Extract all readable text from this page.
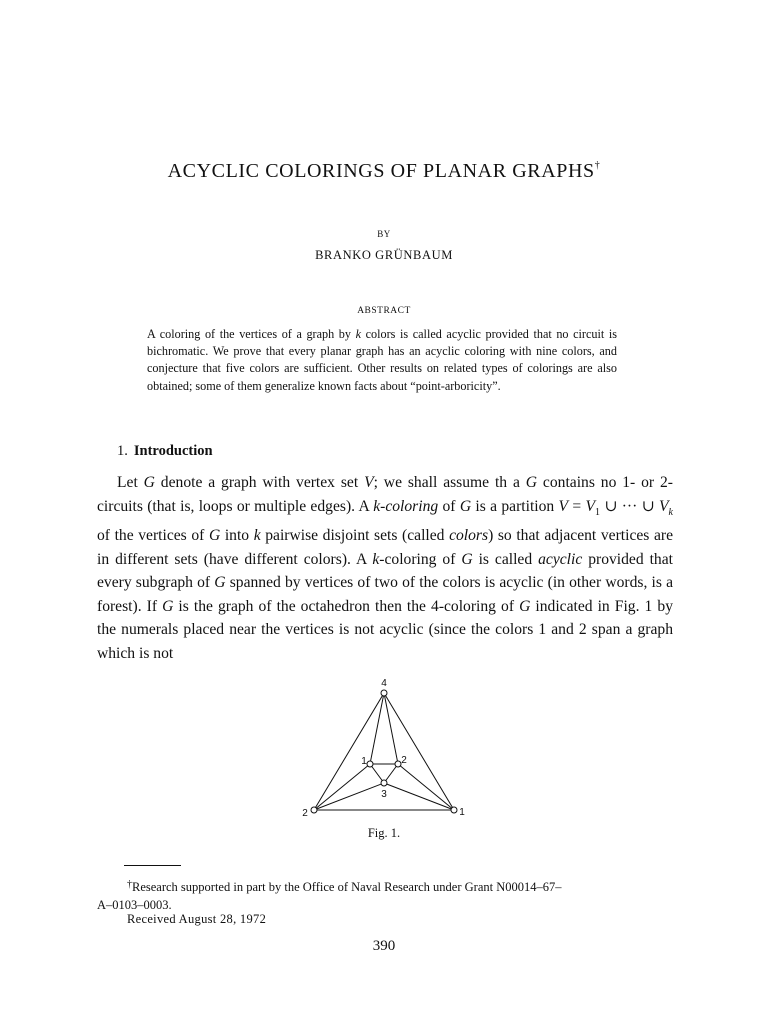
ACYCLIC COLORINGS OF PLANAR GRAPHS†
BY
BRANKO GRÜNBAUM
ABSTRACT
A coloring of the vertices of a graph by k colors is called acyclic provided that no circuit is bichromatic. We prove that every planar graph has an acyclic coloring with nine colors, and conjecture that five colors are sufficient. Other results on related types of colorings are also obtained; some of them generalize known facts about “point-arboricity”.
1. Introduction

Let G denote a graph with vertex set V; we shall assume th a G contains no 1- or 2-circuits (that is, loops or multiple edges). A k-coloring of G is a partition $V = V_1$ ∪ ··· ∪ $V_k$ of the vertices of G into k pairwise disjoint sets (called colors) so that adjacent vertices are in different sets (have different colors). A k-coloring of G is called acyclic provided that every subgraph of G spanned by vertices of two of the colors is acyclic (in other words, is a forest). If G is the graph of the octahedron then the 4-coloring of G indicated in Fig. 1 by the numerals placed near the vertices is not acyclic (since the colors 1 and 2 span a graph which is not

4
1	2
3
2	1
Fig. 1.

†Research supported in part by the Office of Naval Research under Grant N00014–67–

A–0103–0003.

Received August 28, 1972
390
